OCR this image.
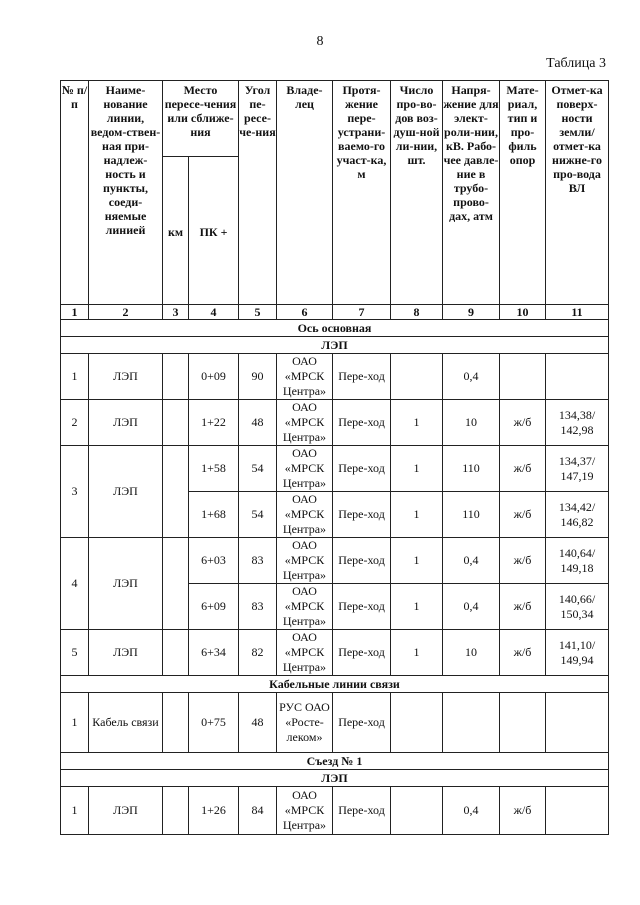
8
Таблица 3
№ п/п	Наиме-нование линии, ведом-ствен-ная при-надлеж-ность и пункты, соеди-няемые линией	Место пересе-чения или сближе-ния		Угол пе-ресе-че-ния	Владе-лец	Протя-жение пере-устрани-ваемо-го участ-ка, м	Число про-во-дов воз-душ-ной ли-нии, шт.	Напря-жение для элект-роли-нии, кВ. Рабо-чее давле-ние в трубо-прово-дах, атм	Мате-риал, тип и про-филь опор	Отмет-ка поверх-ности земли/ отмет-ка нижне-го про-вода ВЛ
		км	ПК +							
1	2	3	4	5	6	7	8	9	10	11
Ось основная										
ЛЭП										
1	ЛЭП		0+09	90	ОАО «МРСК Центра»	Пере-ход		0,4		
2	ЛЭП		1+22	48	ОАО «МРСК Центра»	Пере-ход	1	10	ж/б	134,38/ 142,98
3	ЛЭП		1+58	54	ОАО «МРСК Центра»	Пере-ход	1	110	ж/б	134,37/ 147,19
			1+68	54	ОАО «МРСК Центра»	Пере-ход	1	110	ж/б	134,42/ 146,82
4	ЛЭП		6+03	83	ОАО «МРСК Центра»	Пере-ход	1	0,4	ж/б	140,64/ 149,18
			6+09	83	ОАО «МРСК Центра»	Пере-ход	1	0,4	ж/б	140,66/ 150,34
5	ЛЭП		6+34	82	ОАО «МРСК Центра»	Пере-ход	1	10	ж/б	141,10/ 149,94
Кабельные линии связи										
1	Кабель связи		0+75	48	РУС ОАО «Росте-леком»	Пере-ход				
Съезд № 1										
ЛЭП										
1	ЛЭП		1+26	84	ОАО «МРСК Центра»	Пере-ход		0,4	ж/б	
